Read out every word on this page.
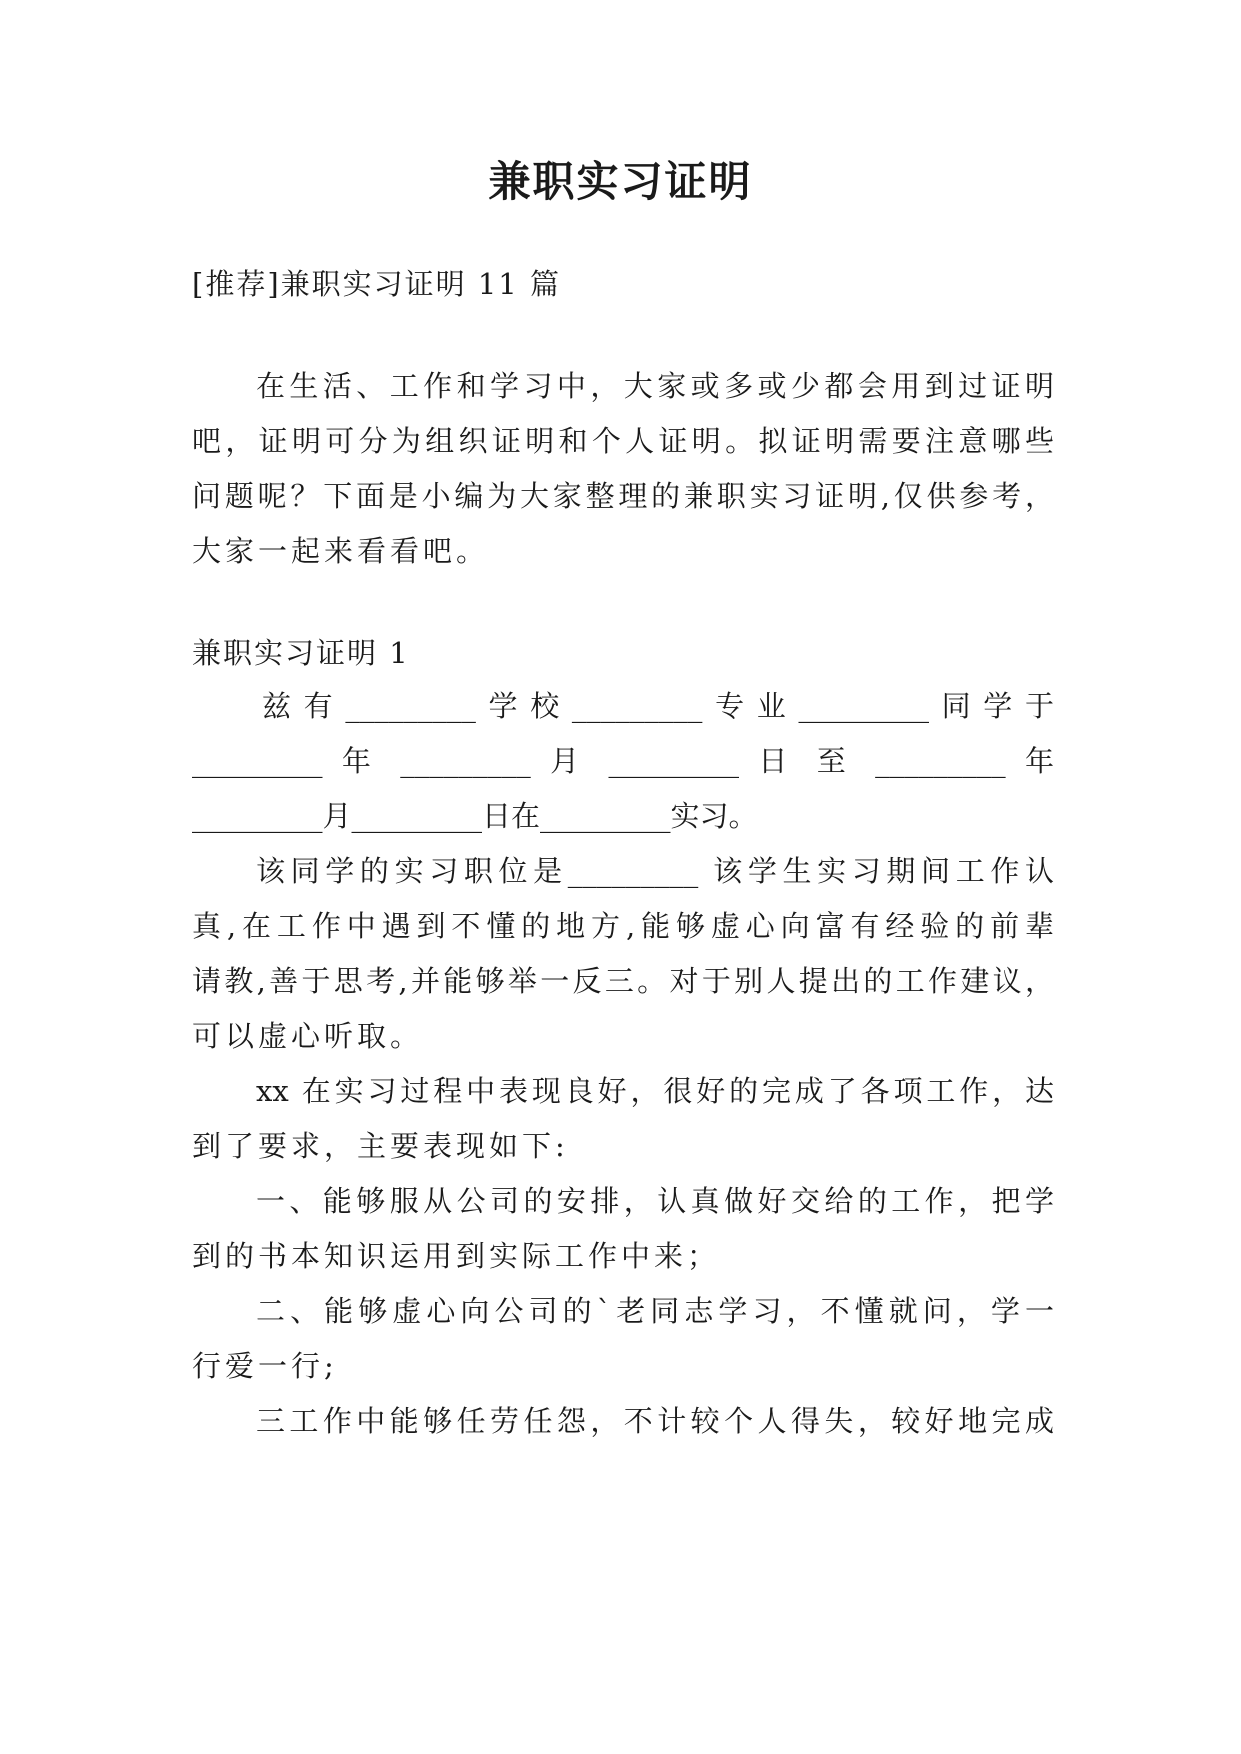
兼职实习证明
[推荐]兼职实习证明 11 篇
在生活、工作和学习中，大家或多或少都会用到过证明
吧，证明可分为组织证明和个人证明。拟证明需要注意哪些
问题呢？下面是小编为大家整理的兼职实习证明,仅供参考，
大家一起来看看吧。
兼职实习证明 1
兹有_________学校_________专业_________同学于
_________ 年 _________ 月 _________ 日 至 _________ 年
_________月_________日在_________实习。
该同学的实习职位是_________ 该学生实习期间工作认
真,在工作中遇到不懂的地方,能够虚心向富有经验的前辈
请教,善于思考,并能够举一反三。对于别人提出的工作建议，
可以虚心听取。
xx 在实习过程中表现良好，很好的完成了各项工作，达
到了要求，主要表现如下:
一、能够服从公司的安排，认真做好交给的工作，把学
到的书本知识运用到实际工作中来；
二、能够虚心向公司的`老同志学习，不懂就问，学一
行爱一行;
三工作中能够任劳任怨，不计较个人得失，较好地完成
